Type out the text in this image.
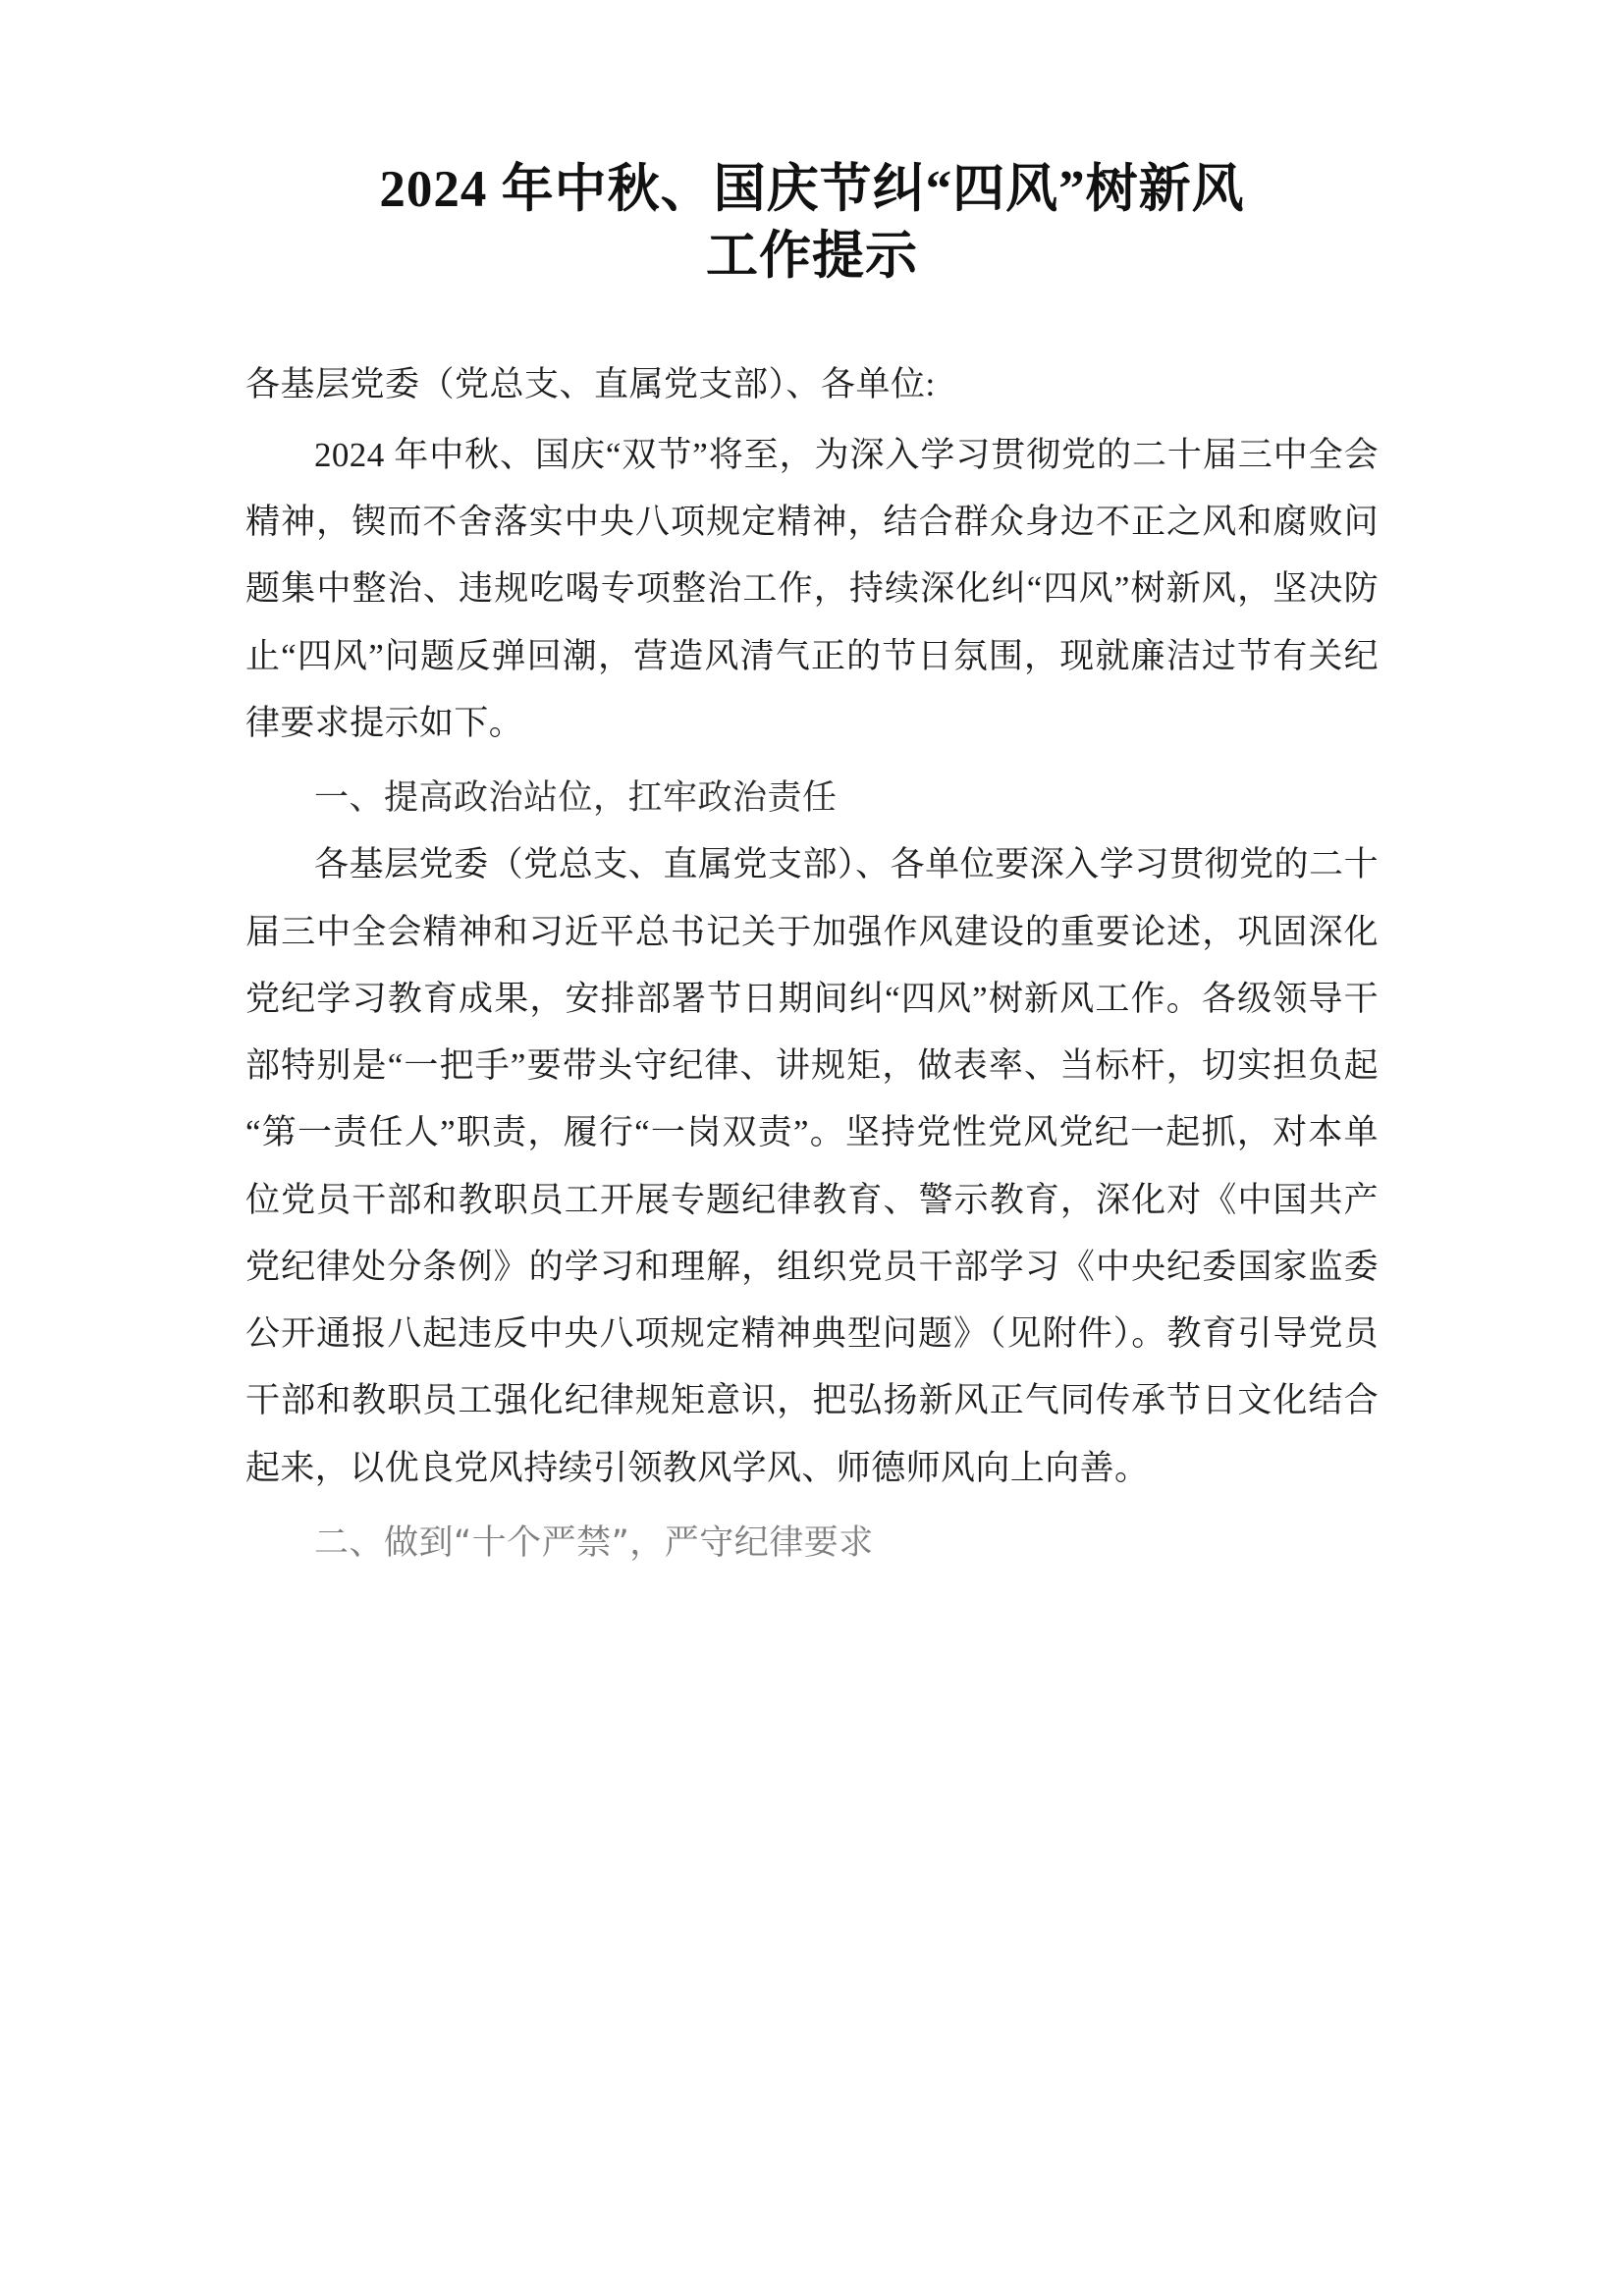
2024 年中秋、国庆节纠“四风”树新风
工作提示
各基层党委（党总支、直属党支部）、各单位:

2024 年中秋、国庆“双节”将至，为深入学习贯彻党的二十届三中全会精神，锲而不舍落实中央八项规定精神，结合群众身边不正之风和腐败问题集中整治、违规吃喝专项整治工作，持续深化纠“四风”树新风，坚决防止“四风”问题反弹回潮，营造风清气正的节日氛围，现就廉洁过节有关纪律要求提示如下。

一、提高政治站位，扛牢政治责任

各基层党委（党总支、直属党支部）、各单位要深入学习贯彻党的二十届三中全会精神和习近平总书记关于加强作风建设的重要论述，巩固深化党纪学习教育成果，安排部署节日期间纠“四风”树新风工作。各级领导干部特别是“一把手”要带头守纪律、讲规矩，做表率、当标杆，切实担负起“第一责任人”职责，履行“一岗双责”。坚持党性党风党纪一起抓，对本单位党员干部和教职员工开展专题纪律教育、警示教育，深化对《中国共产党纪律处分条例》的学习和理解，组织党员干部学习《中央纪委国家监委公开通报八起违反中央八项规定精神典型问题》（见附件）。教育引导党员干部和教职员工强化纪律规矩意识，把弘扬新风正气同传承节日文化结合起来，以优良党风持续引领教风学风、师德师风向上向善。

二、做到“十个严禁”，严守纪律要求
